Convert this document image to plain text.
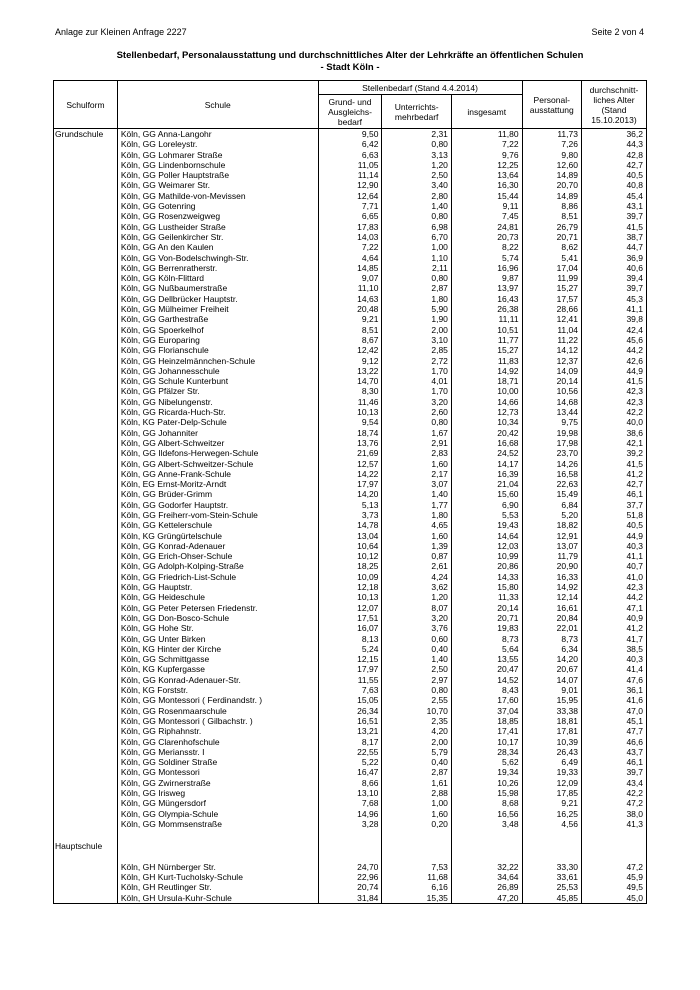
Anlage zur Kleinen Anfrage 2227	Seite 2 von 4
Stellenbedarf, Personalausstattung und durchschnittliches Alter der Lehrkräfte an öffentlichen Schulen
- Stadt Köln -
Schulform	Schule	Stellenbedarf (Stand 4.4.2014)			Personal-ausstattung	durchschnitt-liches Alter (Stand 15.10.2013)
		Grund- und Ausgleichs-bedarf	Unterrichts-mehrbedarf	insgesamt		
Grundschule	Köln, GG Anna-Langohr	9,50	2,31	11,80	11,73	36,2
	Köln, GG Loreleystr.	6,42	0,80	7,22	7,26	44,3
	Köln, GG Lohmarer Straße	6,63	3,13	9,76	9,80	42,8
	Köln, GG Lindenbornschule	11,05	1,20	12,25	12,60	42,7
	Köln, GG Poller Hauptstraße	11,14	2,50	13,64	14,89	40,5
	Köln, GG Weimarer Str.	12,90	3,40	16,30	20,70	40,8
	Köln, GG Mathilde-von-Mevissen	12,64	2,80	15,44	14,89	45,4
	Köln, GG Gotenring	7,71	1,40	9,11	8,86	43,1
	Köln, GG Rosenzweigweg	6,65	0,80	7,45	8,51	39,7
	Köln, GG Lustheider Straße	17,83	6,98	24,81	26,79	41,5
	Köln, GG Geilenkircher Str.	14,03	6,70	20,73	20,71	38,7
	Köln, GG An den Kaulen	7,22	1,00	8,22	8,62	44,7
	Köln, GG Von-Bodelschwingh-Str.	4,64	1,10	5,74	5,41	36,9
	Köln, GG Berrenratherstr.	14,85	2,11	16,96	17,04	40,6
	Köln, GG Köln-Flittard	9,07	0,80	9,87	11,99	39,4
	Köln, GG Nußbaumerstraße	11,10	2,87	13,97	15,27	39,7
	Köln, GG Dellbrücker Hauptstr.	14,63	1,80	16,43	17,57	45,3
	Köln, GG Mülheimer Freiheit	20,48	5,90	26,38	28,66	41,1
	Köln, GG Garthestraße	9,21	1,90	11,11	12,41	39,8
	Köln, GG Spoerkelhof	8,51	2,00	10,51	11,04	42,4
	Köln, GG Europaring	8,67	3,10	11,77	11,22	45,6
	Köln, GG Florianschule	12,42	2,85	15,27	14,12	44,2
	Köln, GG Heinzelmännchen-Schule	9,12	2,72	11,83	12,37	42,6
	Köln, GG Johannesschule	13,22	1,70	14,92	14,09	44,9
	Köln, GG Schule Kunterbunt	14,70	4,01	18,71	20,14	41,5
	Köln, GG Pfälzer Str.	8,30	1,70	10,00	10,56	42,3
	Köln, GG Nibelungenstr.	11,46	3,20	14,66	14,68	42,3
	Köln, GG Ricarda-Huch-Str.	10,13	2,60	12,73	13,44	42,2
	Köln, KG Pater-Delp-Schule	9,54	0,80	10,34	9,75	40,0
	Köln, GG Johanniter	18,74	1,67	20,42	19,98	38,6
	Köln, GG Albert-Schweitzer	13,76	2,91	16,68	17,98	42,1
	Köln, GG Ildefons-Herwegen-Schule	21,69	2,83	24,52	23,70	39,2
	Köln, GG Albert-Schweitzer-Schule	12,57	1,60	14,17	14,26	41,5
	Köln, GG Anne-Frank-Schule	14,22	2,17	16,39	16,58	41,2
	Köln, EG Ernst-Moritz-Arndt	17,97	3,07	21,04	22,63	42,7
	Köln, GG Brüder-Grimm	14,20	1,40	15,60	15,49	46,1
	Köln, GG Godorfer Hauptstr.	5,13	1,77	6,90	6,84	37,7
	Köln, GG Freiherr-vom-Stein-Schule	3,73	1,80	5,53	5,20	51,8
	Köln, GG Kettelerschule	14,78	4,65	19,43	18,82	40,5
	Köln, KG Grüngürtelschule	13,04	1,60	14,64	12,91	44,9
	Köln, GG Konrad-Adenauer	10,64	1,39	12,03	13,07	40,3
	Köln, GG Erich-Ohser-Schule	10,12	0,87	10,99	11,79	41,1
	Köln, GG Adolph-Kolping-Straße	18,25	2,61	20,86	20,90	40,7
	Köln, GG Friedrich-List-Schule	10,09	4,24	14,33	16,33	41,0
	Köln, GG Hauptstr.	12,18	3,62	15,80	14,92	42,3
	Köln, GG Heideschule	10,13	1,20	11,33	12,14	44,2
	Köln, GG Peter Petersen Friedenstr.	12,07	8,07	20,14	16,61	47,1
	Köln, GG Don-Bosco-Schule	17,51	3,20	20,71	20,84	40,9
	Köln, GG Hohe Str.	16,07	3,76	19,83	22,01	41,2
	Köln, GG Unter Birken	8,13	0,60	8,73	8,73	41,7
	Köln, KG Hinter der Kirche	5,24	0,40	5,64	6,34	38,5
	Köln, GG Schmittgasse	12,15	1,40	13,55	14,20	40,3
	Köln, KG Kupfergasse	17,97	2,50	20,47	20,67	41,4
	Köln, GG Konrad-Adenauer-Str.	11,55	2,97	14,52	14,07	47,6
	Köln, KG Forststr.	7,63	0,80	8,43	9,01	36,1
	Köln, GG Montessori ( Ferdinandstr. )	15,05	2,55	17,60	15,95	41,6
	Köln, GG Rosenmaarschule	26,34	10,70	37,04	33,38	47,0
	Köln, GG Montessori ( Gilbachstr. )	16,51	2,35	18,85	18,81	45,1
	Köln, GG Riphahnstr.	13,21	4,20	17,41	17,81	47,7
	Köln, GG Clarenhofschule	8,17	2,00	10,17	10,39	46,6
	Köln, GG Meriansstr. I	22,55	5,79	28,34	26,43	43,7
	Köln, GG Soldiner Straße	5,22	0,40	5,62	6,49	46,1
	Köln, GG Montessori	16,47	2,87	19,34	19,33	39,7
	Köln, GG Zwirnerstraße	8,66	1,61	10,26	12,09	43,4
	Köln, GG Irisweg	13,10	2,88	15,98	17,85	42,2
	Köln, GG Müngersdorf	7,68	1,00	8,68	9,21	47,2
	Köln, GG Olympia-Schule	14,96	1,60	16,56	16,25	38,0
	Köln, GG Mommsenstraße	3,28	0,20	3,48	4,56	41,3

Hauptschule						

	Köln, GH Nürnberger Str.	24,70	7,53	32,22	33,30	47,2
	Köln, GH Kurt-Tucholsky-Schule	22,96	11,68	34,64	33,61	45,9
	Köln, GH Reutlinger Str.	20,74	6,16	26,89	25,53	49,5
	Köln, GH Ursula-Kuhr-Schule	31,84	15,35	47,20	45,85	45,0
